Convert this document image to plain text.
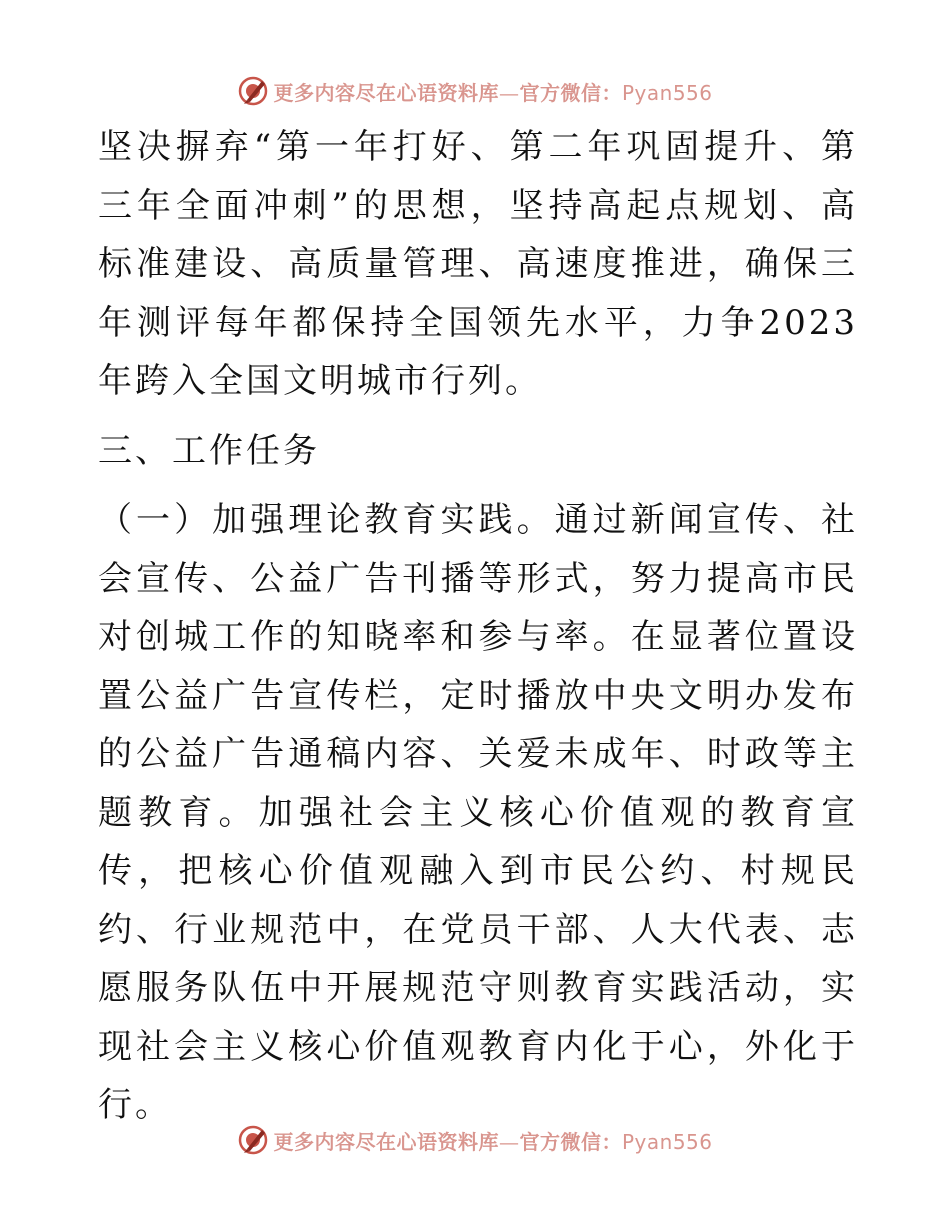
更多内容尽在心语资料库—官方微信：Pyan556

坚决摒弃“第一年打好、第二年巩固提升、第三年全面冲刺”的思想，坚持高起点规划、高标准建设、高质量管理、高速度推进，确保三年测评每年都保持全国领先水平，力争2023年跨入全国文明城市行列。

三、工作任务

（一）加强理论教育实践。通过新闻宣传、社会宣传、公益广告刊播等形式，努力提高市民对创城工作的知晓率和参与率。在显著位置设置公益广告宣传栏，定时播放中央文明办发布的公益广告通稿内容、关爱未成年、时政等主题教育。加强社会主义核心价值观的教育宣传，把核心价值观融入到市民公约、村规民约、行业规范中，在党员干部、人大代表、志愿服务队伍中开展规范守则教育实践活动，实现社会主义核心价值观教育内化于心，外化于行。

更多内容尽在心语资料库—官方微信：Pyan556
